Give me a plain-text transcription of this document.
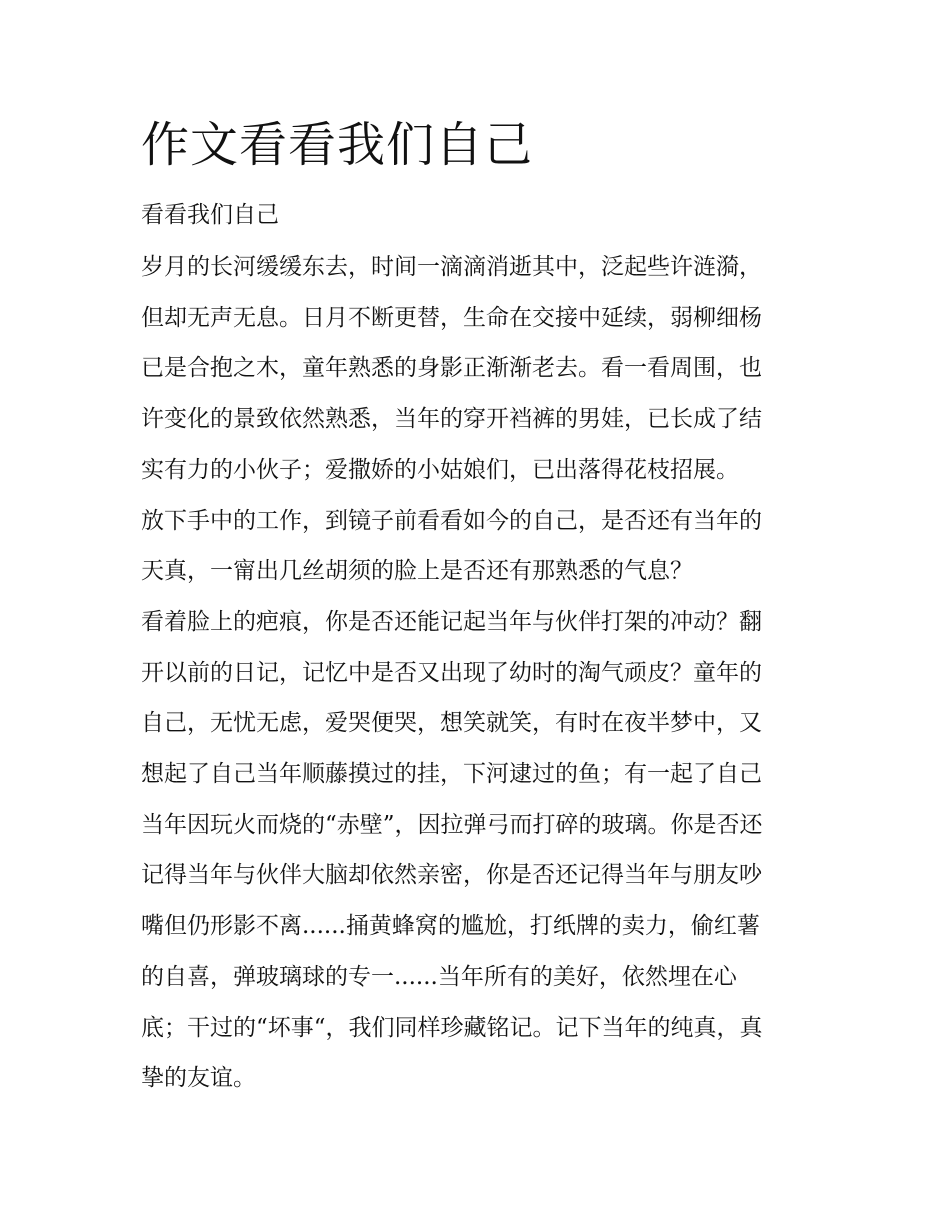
作文看看我们自己

看看我们自己

岁月的长河缓缓东去，时间一滴滴消逝其中，泛起些许涟漪，
但却无声无息。日月不断更替，生命在交接中延续，弱柳细杨
已是合抱之木，童年熟悉的身影正渐渐老去。看一看周围，也
许变化的景致依然熟悉，当年的穿开裆裤的男娃，已长成了结
实有力的小伙子；爱撒娇的小姑娘们，已出落得花枝招展。
放下手中的工作，到镜子前看看如今的自己，是否还有当年的
天真，一甯出几丝胡须的脸上是否还有那熟悉的气息？
看着脸上的疤痕，你是否还能记起当年与伙伴打架的冲动？翻
开以前的日记，记忆中是否又出现了幼时的淘气顽皮？童年的
自己，无忧无虑，爱哭便哭，想笑就笑，有时在夜半梦中，又
想起了自己当年顺藤摸过的挂，下河逮过的鱼；有一起了自己
当年因玩火而烧的“赤壁”，因拉弹弓而打碎的玻璃。你是否还
记得当年与伙伴大脑却依然亲密，你是否还记得当年与朋友吵
嘴但仍形影不离......捅黄蜂窝的尴尬，打纸牌的卖力，偷红薯
的自喜，弹玻璃球的专一......当年所有的美好，依然埋在心
底；干过的“坏事“，我们同样珍藏铭记。记下当年的纯真，真
挚的友谊。
